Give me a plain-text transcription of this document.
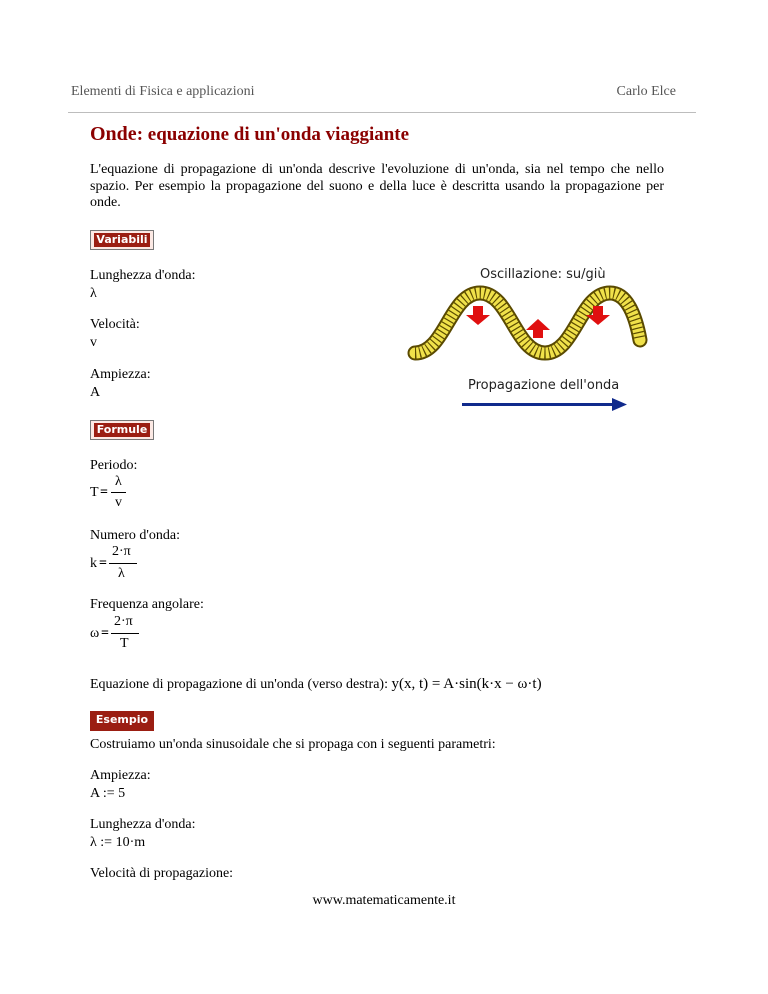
Elementi di Fisica e applicazioni	Carlo Elce
Onde: equazione di un'onda viaggiante
L'equazione di propagazione di un'onda descrive l'evoluzione di un'onda, sia nel tempo che nello spazio. Per esempio la propagazione del suono e della luce è descritta usando la propagazione per onde.
Variabili
Lunghezza d'onda:
λ
Velocità:
v
Ampiezza:
A
Oscillazione: su/giù
Propagazione dell'onda
Formule
Periodo:
T =
λ
v
Numero d'onda:
k =
2·π
λ
Frequenza angolare:
ω =
2·π
T
Equazione di propagazione di un'onda (verso destra): y(x, t) = A·sin(k·x − ω·t)
Esempio
Costruiamo un'onda sinusoidale che si propaga con i seguenti parametri:
Ampiezza:
A := 5
Lunghezza d'onda:
λ := 10·m
Velocità di propagazione:
www.matematicamente.it
